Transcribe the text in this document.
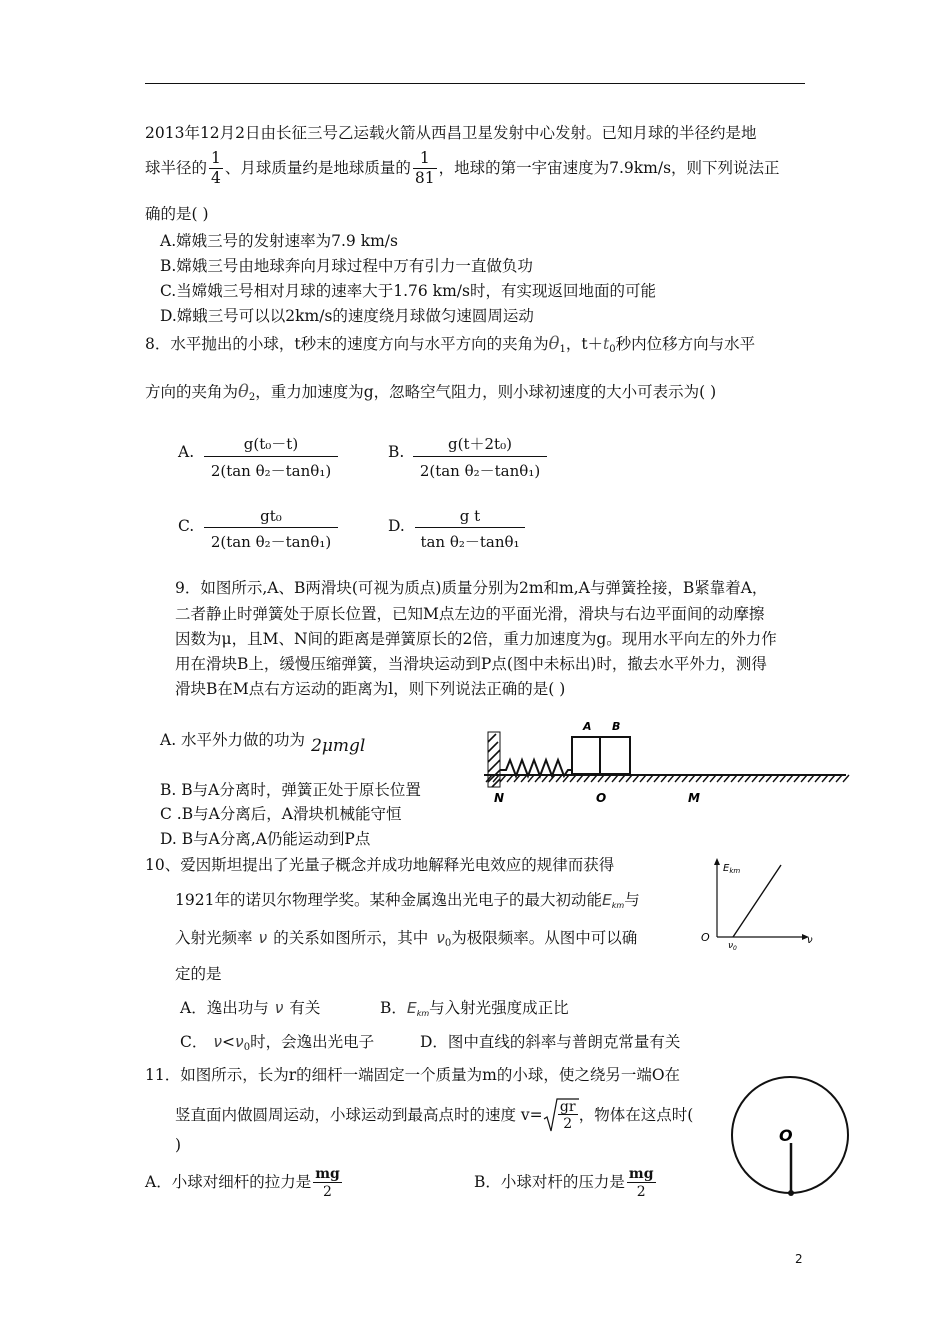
2013年12月2日由长征三号乙运载火箭从西昌卫星发射中心发射。已知月球的半径约是地
球半径的 $\frac{1}{4}$ 、月球质量约是地球质量的 $\frac{1}{81}$ ，地球的第一宇宙速度为7.9km/s，则下列说法正
确的是( )
A.嫦娥三号的发射速率为7.9 km/s
B.嫦娥三号由地球奔向月球过程中万有引力一直做负功
C.当嫦娥三号相对月球的速率大于1.76 km/s时，有实现返回地面的可能
D.嫦蛾三号可以以2km/s的速度绕月球做匀速圆周运动
8．水平抛出的小球，t秒末的速度方向与水平方向的夹角为$\theta_1$，$t+t_0$秒内位移方向与水平
方向的夹角为$\theta_2$，重力加速度为g，忽略空气阻力，则小球初速度的大小可表示为( )
A. $\frac{\text{g(t₀－t)}}{\text{2(tan θ₂－tanθ₁)}}$	B. $\frac{\text{g(t＋2t₀)}}{\text{2(tan θ₂－tanθ₁)}}$
C. $\frac{\text{gt₀}}{\text{2(tan θ₂－tanθ₁)}}$	D. $\frac{\text{g t}}{\text{tan θ₂－tanθ₁}}$
9．如图所示,A、B两滑块(可视为质点)质量分别为2m和m,A与弹簧拴接，B紧靠着A，
二者静止时弹簧处于原长位置，已知M点左边的平面光滑，滑块与右边平面间的动摩擦
因数为μ，且M、N间的距离是弹簧原长的2倍，重力加速度为g。现用水平向左的外力作
用在滑块B上，缓慢压缩弹簧，当滑块运动到P点(图中未标出)时，撤去水平外力，测得
滑块B在M点右方运动的距离为l，则下列说法正确的是( )
A. 水平外力做的功为 2μmgl
B. B与A分离时，弹簧正处于原长位置
C .B与A分离后，A滑块机械能守恒
D. B与A分离,A仍能运动到P点
A B
N	O	M
10、爱因斯坦提出了光量子概念并成功地解释光电效应的规律而获得
1921年的诺贝尔物理学奖。某种金属逸出光电子的最大初动能$E_{km}$与
入射光频率 ν 的关系如图所示，其中 $\nu_0$为极限频率。从图中可以确
定的是
A．逸出功与 ν 有关	B．$E_{km}$与入射光强度成正比
C． $\nu<\nu_0$时，会逸出光电子	D．图中直线的斜率与普朗克常量有关
$E_{km}$
O	ν
$\nu_0$
11．如图所示，长为r的细杆一端固定一个质量为m的小球，使之绕另一端O在
竖直面内做圆周运动，小球运动到最高点时的速度 $v= \frac{gr}{2}$ ，物体在这点时(
)
A．小球对细杆的拉力是 $\frac{mg}{2}$	B．小球对杆的压力是 $\frac{mg}{2}$
O
2
